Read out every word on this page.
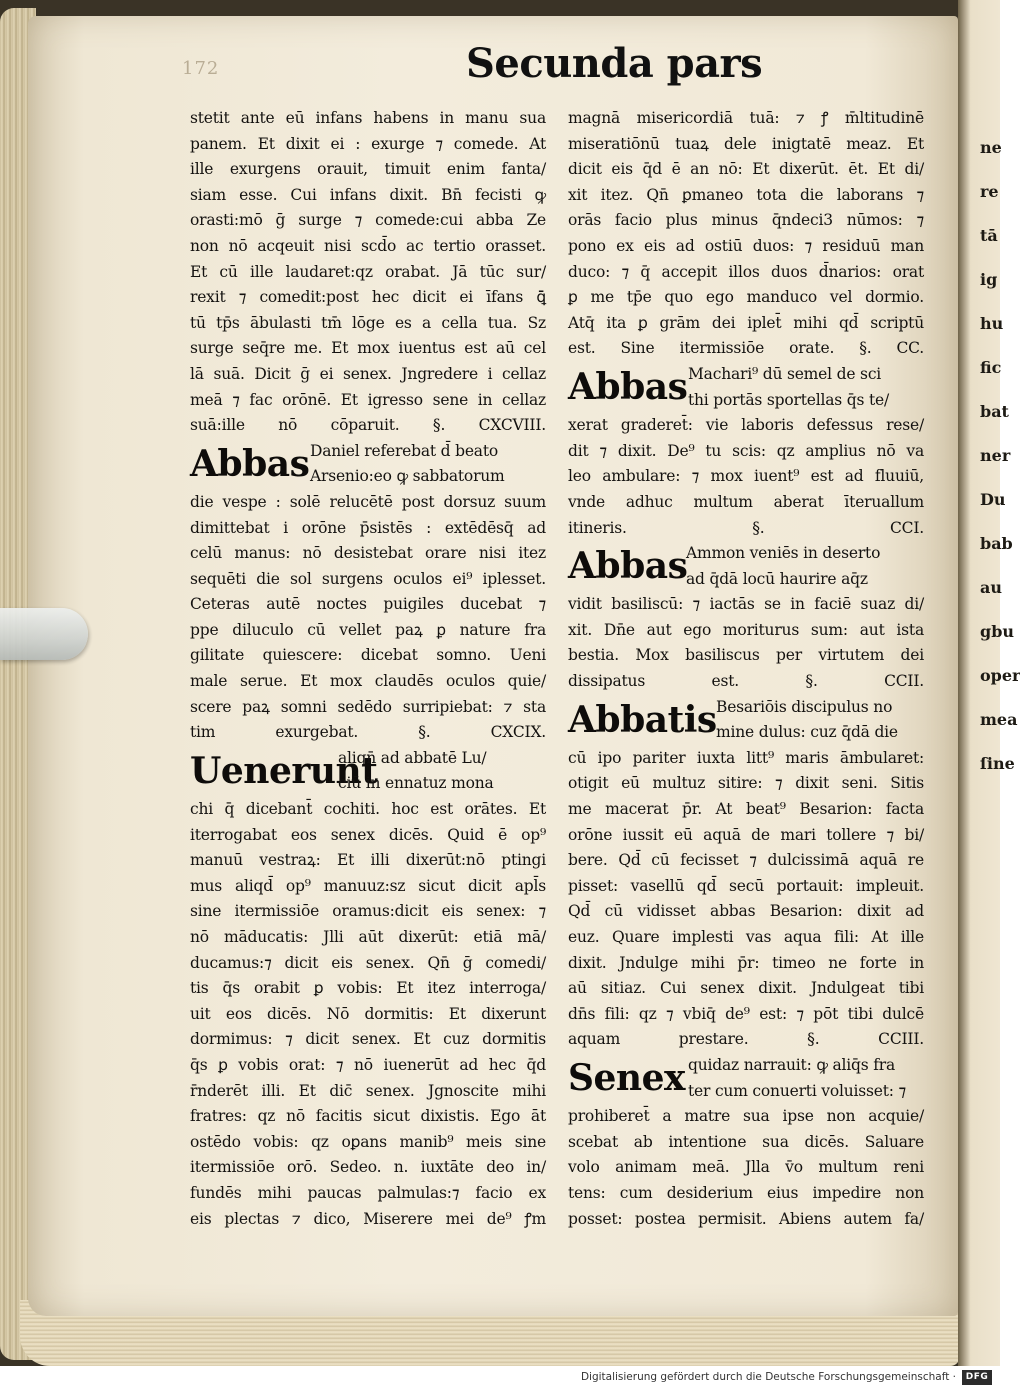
ne
re
tā
ig
hu
fic
bat
ner
Du
bab
au
gbu
oper
mea
ſine
172	Secunda pars
stetit ante eū infans habens in manu sua
panem. Et dixit ei : exurge ⁊ comede. At
ille exurgens orauit, timuit enim fanta/
siam esse. Cui infans dixit. Bn̄ fecisti ꝙ
orasti:mō ḡ surge ⁊ comede:cui abba Ze
non nō acqeuit nisi scd̄o ac tertio orasset.
Et cū ille laudaret:qz orabat. Jā tūc sur/
rexit ⁊ comedit:post hec dicit ei īfans ꝗ̄
tū tp̄s ābulasti tm̄ lōge es a cella tua. Sz
surge seq̄re me. Et mox iuentus est aū cel
lā suā. Dicit ḡ ei senex. Jngredere i cellaz
meā ⁊ fac orōnē. Et igresso sene in cellaz
suā:ille nō cōparuit. §. CXCVIII.
Abbas Daniel referebat d̄ beato
Arsenio:eo ꝙ sabbatorum
die vespe : solē relucētē post dorsuz suum
dimittebat i orōne p̄sistēs : extēdēsq̄ ad
celū manus: nō desistebat orare nisi itez
sequēti die sol surgens oculos ei⁹ iplesset.
Ceteras autē noctes puigiles ducebat ⁊
ppe diluculo cū vellet paꝝ ꝑ nature fra
gilitate quiescere: dicebat somno. Ueni
male serue. Et mox claudēs oculos quie/
scere paꝝ somni sedēdo surripiebat: ⁊ sta
tim exurgebat. §. CXCIX.
Uenerunt
aliqn̄ ad abbatē Lu/
ciū in ennatuz mona
chi q̄ dicebant̄ cochiti. hoc est orātes. Et
iterrogabat eos senex dicēs. Quid ē op⁹
manuū vestraꝝ: Et illi dixerūt:nō ptingi
mus aliqd̄ op⁹ manuuz:sz sicut dicit apl̄s
sine itermissiōe oramus:dicit eis senex: ⁊
nō māducatis: Jlli aūt dixerūt: etiā mā/
ducamus:⁊ dicit eis senex. Qn̄ ḡ comedi/
tis q̄s orabit ꝑ vobis: Et itez interroga/
uit eos dicēs. Nō dormitis: Et dixerunt
dormimus: ⁊ dicit senex. Et cuz dormitis
q̄s ꝑ vobis orat: ⁊ nō iuenerūt ad hec q̄d
r̄nderēt illi. Et dic̄ senex. Jgnoscite mihi
fratres: qz nō facitis sicut dixistis. Ego āt
ostēdo vobis: qz oꝑans manib⁹ meis sine
itermissiōe orō. Sedeo. n. iuxtāte deo in/
fundēs mihi paucas palmulas:⁊ facio ex
eis plectas ⁊ dico, Miserere mei de⁹ ꝭm
magnā misericordiā tuā: ⁊ ꝭ m̄ltitudinē
miseratiōnū tuaꝝ dele inigtatē meaz. Et
dicit eis q̄d ē an nō: Et dixerūt. ēt. Et di/
xit itez. Qn̄ ꝑmaneo tota die laborans ⁊
orās facio plus minus q̄ndeci3 nūmos: ⁊
pono ex eis ad ostiū duos: ⁊ residuū man
duco: ⁊ q̄ accepit illos duos d̄narios: orat
ꝑ me tp̄e quo ego manduco vel dormio.
Atq̄ ita ꝑ grām dei iplet̄ mihi qd̄ scriptū
est. Sine itermissiōe orate. §. CC.
Abbas Machari⁹ dū semel de sci
thi portās sportellas q̄s te/
xerat graderet̄: vie laboris defessus rese/
dit ⁊ dixit. De⁹ tu scis: qz amplius nō va
leo ambulare: ⁊ mox iuent⁹ est ad fluuiū,
vnde adhuc multum aberat īteruallum
itineris. §. CCI.
Abbas
Ammon veniēs in deserto
ad q̄dā locū haurire aq̄z
vidit basiliscū: ⁊ iactās se in faciē suaz di/
xit. Dn̄e aut ego moriturus sum: aut ista
bestia. Mox basiliscus per virtutem dei
dissipatus est. §. CCII.
Abbatis Besariōis discipulus no
mine dulus: cuz q̄dā die
cū ipo pariter iuxta litt⁹ maris āmbularet:
otigit eū multuz sitire: ⁊ dixit seni. Sitis
me macerat p̄r. At beat⁹ Besarion: facta
orōne iussit eū aquā de mari tollere ⁊ bi/
bere. Qd̄ cū fecisset ⁊ dulcissimā aquā re
pisset: vasellū qd̄ secū portauit: impleuit.
Qd̄ cū vidisset abbas Besarion: dixit ad
euz. Quare implesti vas aqua fili: At ille
dixit. Jndulge mihi p̄r: timeo ne forte in
aū sitiaz. Cui senex dixit. Jndulgeat tibi
dn̄s fili: qz ⁊ vbiq̄ de⁹ est: ⁊ pōt tibi dulcē
aquam prestare. §. CCIII.
Senex quidaz narrauit: ꝙ aliq̄s fra
ter cum conuerti voluisset: ⁊
prohiberet̄ a matre sua ipse non acquie/
scebat ab intentione sua dicēs. Saluare
volo animam meā. Jlla v̄o multum reni
tens: cum desiderium eius impedire non
posset: postea permisit. Abiens autem fa/
Digitalisierung gefördert durch die Deutsche Forschungsgemeinschaft ·	DFG
